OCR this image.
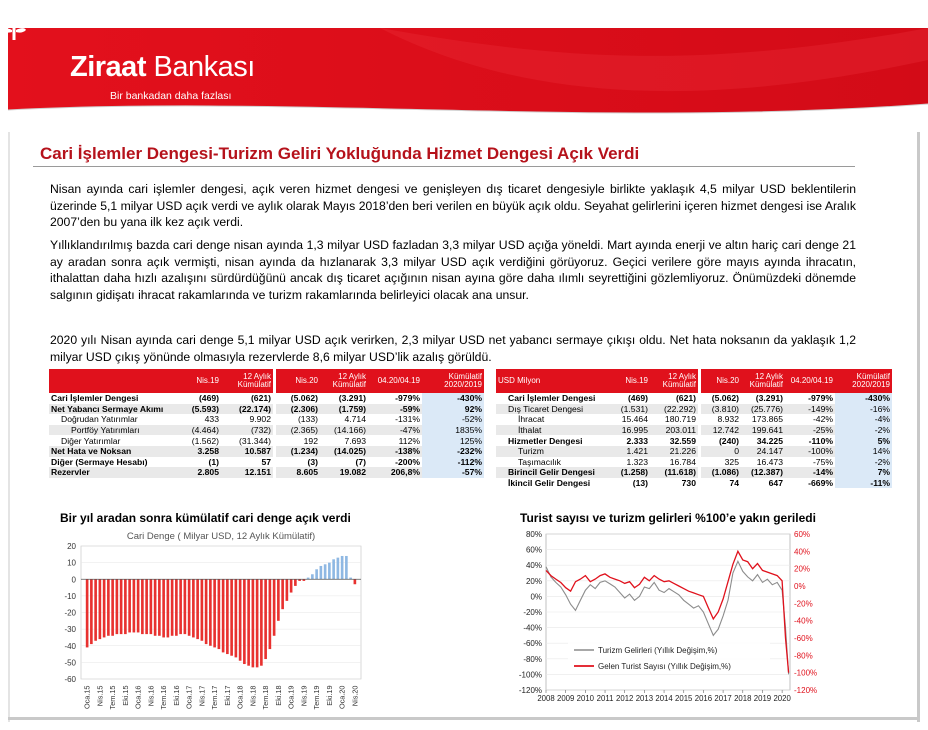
Ziraat Bankası
Bir bankadan daha fazlası
Cari İşlemler Dengesi-Turizm Geliri Yokluğunda Hizmet Dengesi Açık Verdi
Nisan ayında cari işlemler dengesi, açık veren hizmet dengesi ve genişleyen dış ticaret dengesiyle birlikte yaklaşık 4,5 milyar USD beklentilerin üzerinde 5,1 milyar USD açık verdi ve aylık olarak Mayıs 2018’den beri verilen en büyük açık oldu. Seyahat gelirlerini içeren hizmet dengesi ise Aralık 2007’den bu yana ilk kez açık verdi.
Yıllıklandırılmış bazda cari denge nisan ayında 1,3 milyar USD fazladan 3,3 milyar USD açığa yöneldi. Mart ayında enerji ve altın hariç cari denge 21 ay aradan sonra açık vermişti, nisan ayında da hızlanarak 3,3 milyar USD açık verdiğini görüyoruz. Geçici verilere göre mayıs ayında ihracatın, ithalattan daha hızlı azalışını sürdürdüğünü ancak dış ticaret açığının nisan ayına göre daha ılımlı seyrettiğini gözlemliyoruz. Önümüzdeki dönemde salgının gidişatı ihracat rakamlarında ve turizm rakamlarında belirleyici olacak ana unsur.
2020 yılı Nisan ayında cari denge 5,1 milyar USD açık verirken, 2,3 milyar USD net yabancı sermaye çıkışı oldu. Net hata noksanın da yaklaşık 1,2 milyar USD çıkış yönünde olmasıyla rezervlerde 8,6 milyar USD’lik azalış görüldü.
	Nis.19	12 Aylık Kümülatif		Nis.20	12 Aylık Kümülatif	04.20/04.19	Kümülatif 2020/2019
Cari İşlemler Dengesi	(469)	(621)		(5.062)	(3.291)	-979%	-430%
Net Yabancı Sermaye Akımı	(5.593)	(22.174)		(2.306)	(1.759)	-59%	92%
Doğrudan Yatırımlar	433	9.902		(133)	4.714	-131%	-52%
Portföy Yatırımları	(4.464)	(732)		(2.365)	(14.166)	-47%	1835%
Diğer Yatırımlar	(1.562)	(31.344)		192	7.693	112%	125%
Net Hata ve Noksan	3.258	10.587		(1.234)	(14.025)	-138%	-232%
Diğer (Sermaye Hesabı)	(1)	57		(3)	(7)	-200%	-112%
Rezervler	2.805	12.151		8.605	19.082	206,8%	-57%
USD Milyon	Nis.19	12 Aylık Kümülatif		Nis.20	12 Aylık Kümülatif	04.20/04.19	Kümülatif 2020/2019
Cari İşlemler Dengesi	(469)	(621)		(5.062)	(3.291)	-979%	-430%
Dış Ticaret Dengesi	(1.531)	(22.292)		(3.810)	(25.776)	-149%	-16%
İhracat	15.464	180.719		8.932	173.865	-42%	-4%
İthalat	16.995	203.011		12.742	199.641	-25%	-2%
Hizmetler Dengesi	2.333	32.559		(240)	34.225	-110%	5%
Turizm	1.421	21.226		0	24.147	-100%	14%
Taşımacılık	1.323	16.784		325	16.473	-75%	-2%
Birincil Gelir Dengesi	(1.258)	(11.618)		(1.086)	(12.387)	-14%	7%
İkincil Gelir Dengesi	(13)	730		74	647	-669%	-11%
Bir yıl aradan sonra kümülatif cari denge açık verdi	Turist sayısı ve turizm gelirleri %100’e yakın geriledi
20
10
0
-10
-20
-30
-40
-50
-60
Cari Denge ( Milyar USD, 12 Aylık Kümülatif)
Oca.15 Nis.15 Tem.15 Eki.15 Oca.16 Nis.16 Tem.16 Eki.16 Oca.17 Nis.17 Tem.17 Eki.17 Oca.18 Nis.18 Tem.18 Eki.18 Oca.19 Nis.19 Tem.19 Eki.19 Oca.20 Nis.20
80%
60%
40%
20%
0%
-20%
-40%
-60%
-80%
-100%
-120%
60%
40%
20%
0%
-20%
-40%
-60%
-80%
-100%
-120%
2008 2009 2010 2011 2012 2013 2014 2015 2016 2017 2018 2019 2020
Turizm Gelirleri (Yıllık Değişim,%)
Gelen Turist Sayısı (Yıllık Değişim,%)
